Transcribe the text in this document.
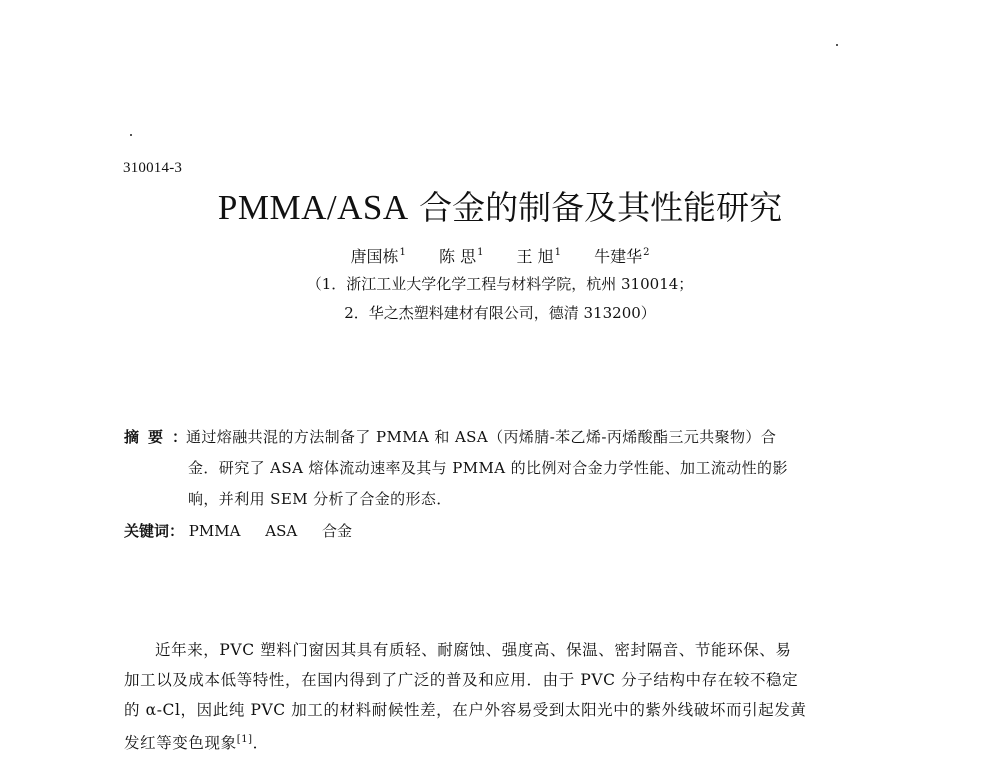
310014-3
PMMA/ASA 合金的制备及其性能研究
唐国栋$^1$ 陈 思$^1$ 王 旭$^1$ 牛建华$^2$
（1．浙江工业大学化学工程与材料学院，杭州 310014；
2．华之杰塑料建材有限公司，德清 313200）
摘要：
通过熔融共混的方法制备了 PMMA 和 ASA（丙烯腈-苯乙烯-丙烯酸酯三元共聚物）合
金．研究了 ASA 熔体流动速率及其与 PMMA 的比例对合金力学性能、加工流动性的影
响，并利用 SEM 分析了合金的形态．
关键词： PMMA ASA 合金
近年来，PVC 塑料门窗因其具有质轻、耐腐蚀、强度高、保温、密封隔音、节能环保、易
加工以及成本低等特性，在国内得到了广泛的普及和应用．由于 PVC 分子结构中存在较不稳定
的 α-Cl，因此纯 PVC 加工的材料耐候性差，在户外容易受到太阳光中的紫外线破坏而引起发黄
发红等变色现象[1]．
